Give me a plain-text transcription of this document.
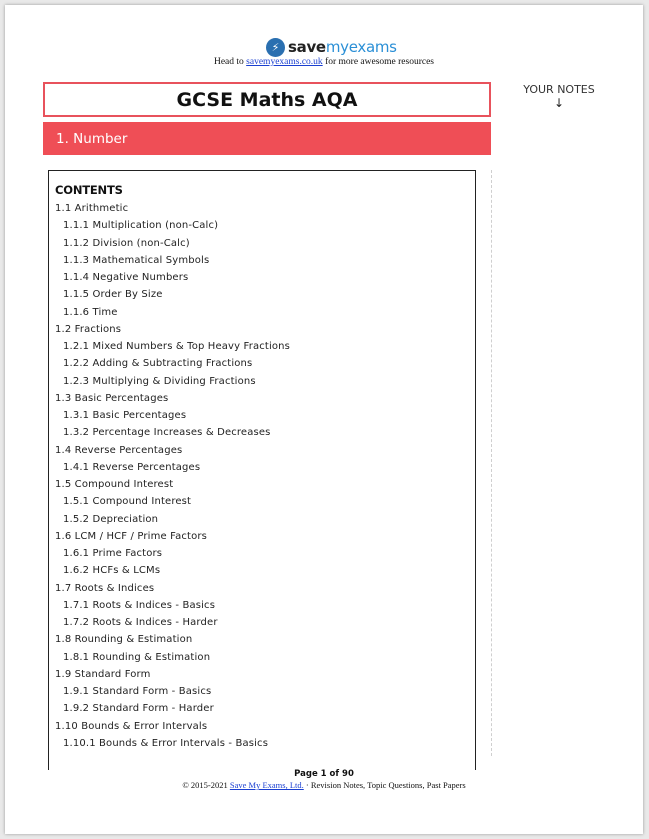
⚡ savemyexams
Head to savemyexams.co.uk for more awesome resources
GCSE Maths AQA	YOUR NOTES
↓
1. Number
CONTENTS
1.1 Arithmetic
1.1.1 Multiplication (non-Calc)
1.1.2 Division (non-Calc)
1.1.3 Mathematical Symbols
1.1.4 Negative Numbers
1.1.5 Order By Size
1.1.6 Time
1.2 Fractions
1.2.1 Mixed Numbers & Top Heavy Fractions
1.2.2 Adding & Subtracting Fractions
1.2.3 Multiplying & Dividing Fractions
1.3 Basic Percentages
1.3.1 Basic Percentages
1.3.2 Percentage Increases & Decreases
1.4 Reverse Percentages
1.4.1 Reverse Percentages
1.5 Compound Interest
1.5.1 Compound Interest
1.5.2 Depreciation
1.6 LCM / HCF / Prime Factors
1.6.1 Prime Factors
1.6.2 HCFs & LCMs
1.7 Roots & Indices
1.7.1 Roots & Indices - Basics
1.7.2 Roots & Indices - Harder
1.8 Rounding & Estimation
1.8.1 Rounding & Estimation
1.9 Standard Form
1.9.1 Standard Form - Basics
1.9.2 Standard Form - Harder
1.10 Bounds & Error Intervals
1.10.1 Bounds & Error Intervals - Basics
Page 1 of 90
© 2015-2021 Save My Exams, Ltd. · Revision Notes, Topic Questions, Past Papers
